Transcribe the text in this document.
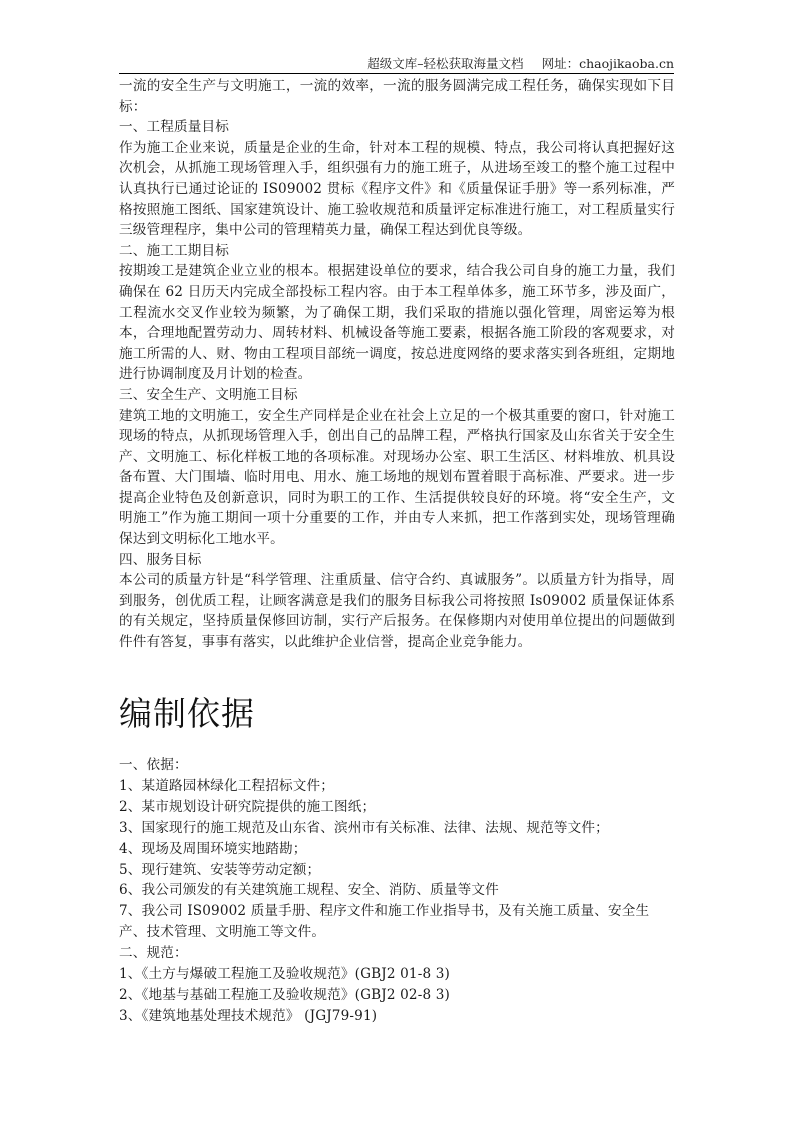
超级文库–轻松获取海量文档 网址：chaojikaoba.cn

一流的安全生产与文明施工，一流的效率，一流的服务圆满完成工程任务，确保实现如下目标：

一、工程质量目标

作为施工企业来说，质量是企业的生命，针对本工程的规模、特点，我公司将认真把握好这次机会，从抓施工现场管理入手，组织强有力的施工班子，从进场至竣工的整个施工过程中认真执行已通过论证的 IS09002 贯标《程序文件》和《质量保证手册》等一系列标准，严格按照施工图纸、国家建筑设计、施工验收规范和质量评定标准进行施工，对工程质量实行三级管理程序，集中公司的管理精英力量，确保工程达到优良等级。

二、施工工期目标

按期竣工是建筑企业立业的根本。根据建设单位的要求，结合我公司自身的施工力量，我们确保在 62 日历天内完成全部投标工程内容。由于本工程单体多，施工环节多，涉及面广，工程流水交叉作业较为频繁，为了确保工期，我们采取的措施以强化管理，周密运筹为根本，合理地配置劳动力、周转材料、机械设备等施工要素，根据各施工阶段的客观要求，对施工所需的人、财、物由工程项目部统一调度，按总进度网络的要求落实到各班组，定期地进行协调制度及月计划的检查。

三、安全生产、文明施工目标

建筑工地的文明施工，安全生产同样是企业在社会上立足的一个极其重要的窗口，针对施工现场的特点，从抓现场管理入手，创出自己的品牌工程，严格执行国家及山东省关于安全生产、文明施工、标化样板工地的各项标准。对现场办公室、职工生活区、材料堆放、机具设备布置、大门围墙、临时用电、用水、施工场地的规划布置着眼于高标准、严要求。进一步提高企业特色及创新意识，同时为职工的工作、生活提供较良好的环境。将“安全生产，文明施工”作为施工期间一项十分重要的工作，并由专人来抓，把工作落到实处，现场管理确保达到文明标化工地水平。

四、服务目标

本公司的质量方针是“科学管理、注重质量、信守合约、真诚服务”。以质量方针为指导，周到服务，创优质工程，让顾客满意是我们的服务目标我公司将按照 Is09002 质量保证体系的有关规定，坚持质量保修回访制，实行产后报务。在保修期内对使用单位提出的问题做到件件有答复，事事有落实，以此维护企业信誉，提高企业竞争能力。

编制依据

一、依据：

1、某道路园林绿化工程招标文件；

2、某市规划设计研究院提供的施工图纸；

3、国家现行的施工规范及山东省、滨州市有关标准、法律、法规、规范等文件；

4、现场及周围环境实地踏勘；

5、现行建筑、安装等劳动定额；

6、我公司颁发的有关建筑施工规程、安全、消防、质量等文件

7、我公司 IS09002 质量手册、程序文件和施工作业指导书，及有关施工质量、安全生产、技术管理、文明施工等文件。

二、规范：

1、《土方与爆破工程施工及验收规范》(GBJ2 01-8 3)

2、《地基与基础工程施工及验收规范》(GBJ2 02-8 3)

3、《建筑地基处理技术规范》 (JGJ79-91)
